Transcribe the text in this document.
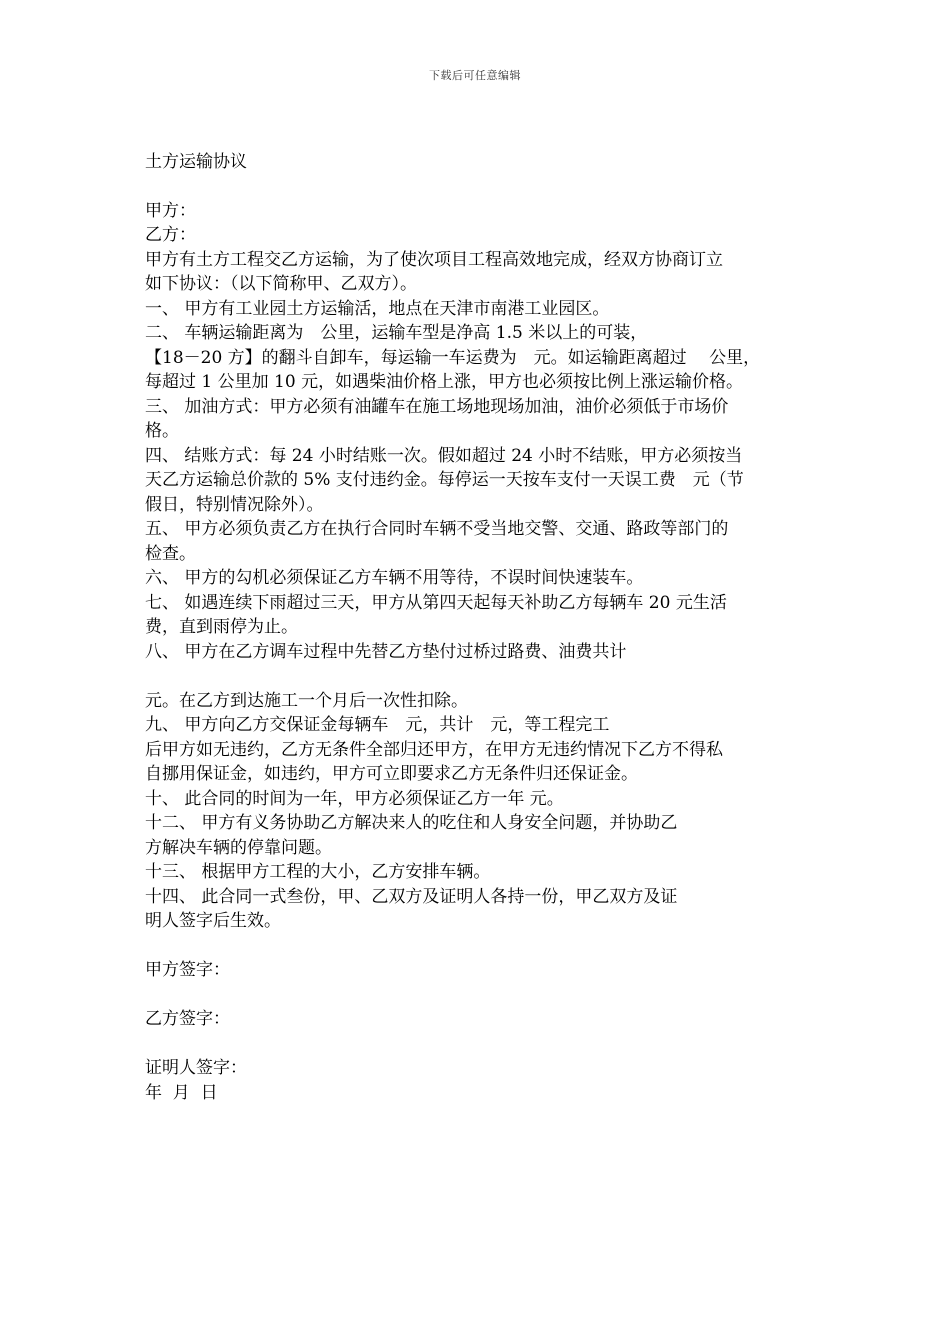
下载后可任意编辑
土方运输协议
甲方：
乙方：
甲方有土方工程交乙方运输，为了使次项目工程高效地完成，经双方协商订立
如下协议：（以下简称甲、乙双方）。
一、 甲方有工业园土方运输活，地点在天津市南港工业园区。
二、 车辆运输距离为　公里，运输车型是净高 1.5 米以上的可装，
【18－20 方】的翻斗自卸车，每运输一车运费为　元。如运输距离超过　 公里，
每超过 1 公里加 10 元，如遇柴油价格上涨，甲方也必须按比例上涨运输价格。
三、 加油方式：甲方必须有油罐车在施工场地现场加油，油价必须低于市场价
格。
四、 结账方式：每 24 小时结账一次。假如超过 24 小时不结账，甲方必须按当
天乙方运输总价款的 5% 支付违约金。每停运一天按车支付一天误工费　元（节
假日，特别情况除外）。
五、 甲方必须负责乙方在执行合同时车辆不受当地交警、交通、路政等部门的
检查。
六、 甲方的勾机必须保证乙方车辆不用等待，不误时间快速装车。
七、 如遇连续下雨超过三天，甲方从第四天起每天补助乙方每辆车 20 元生活
费，直到雨停为止。
八、 甲方在乙方调车过程中先替乙方垫付过桥过路费、油费共计
元。在乙方到达施工一个月后一次性扣除。
九、 甲方向乙方交保证金每辆车　元，共计　元，等工程完工
后甲方如无违约，乙方无条件全部归还甲方，在甲方无违约情况下乙方不得私
自挪用保证金，如违约，甲方可立即要求乙方无条件归还保证金。
十、 此合同的时间为一年，甲方必须保证乙方一年 元。
十二、 甲方有义务协助乙方解决来人的吃住和人身安全问题，并协助乙
方解决车辆的停靠问题。
十三、 根据甲方工程的大小，乙方安排车辆。
十四、 此合同一式叁份，甲、乙双方及证明人各持一份，甲乙双方及证
明人签字后生效。
甲方签字：
乙方签字：
证明人签字：
年  月  日
